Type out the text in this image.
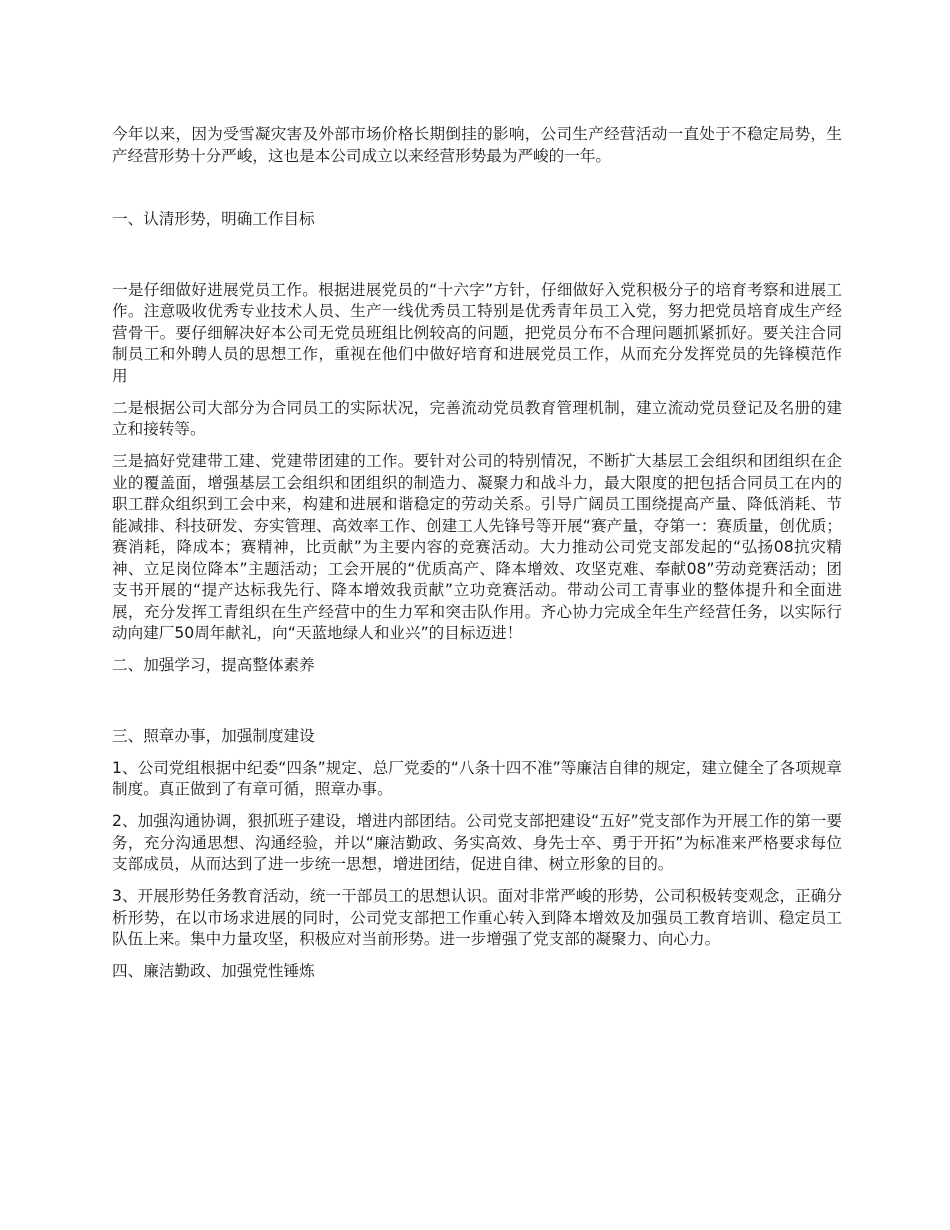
今年以来，因为受雪凝灾害及外部市场价格长期倒挂的影响，公司生产经营活动一直处于不稳定局势，生产经营形势十分严峻，这也是本公司成立以来经营形势最为严峻的一年。

一、认清形势，明确工作目标

一是仔细做好进展党员工作。根据进展党员的“十六字”方针，仔细做好入党积极分子的培育考察和进展工作。注意吸收优秀专业技术人员、生产一线优秀员工特别是优秀青年员工入党，努力把党员培育成生产经营骨干。要仔细解决好本公司无党员班组比例较高的问题，把党员分布不合理问题抓紧抓好。要关注合同制员工和外聘人员的思想工作，重视在他们中做好培育和进展党员工作，从而充分发挥党员的先锋模范作用

二是根据公司大部分为合同员工的实际状况，完善流动党员教育管理机制，建立流动党员登记及名册的建立和接转等。

三是搞好党建带工建、党建带团建的工作。要针对公司的特别情况，不断扩大基层工会组织和团组织在企业的覆盖面，增强基层工会组织和团组织的制造力、凝聚力和战斗力，最大限度的把包括合同员工在内的职工群众组织到工会中来，构建和进展和谐稳定的劳动关系。引导广阔员工围绕提高产量、降低消耗、节能减排、科技研发、夯实管理、高效率工作、创建工人先锋号等开展“赛产量，夺第一：赛质量，创优质；赛消耗，降成本；赛精神，比贡献”为主要内容的竞赛活动。大力推动公司党支部发起的“弘扬08抗灾精神、立足岗位降本”主题活动；工会开展的“优质高产、降本增效、攻坚克难、奉献08”劳动竞赛活动；团支书开展的“提产达标我先行、降本增效我贡献”立功竞赛活动。带动公司工青事业的整体提升和全面进展，充分发挥工青组织在生产经营中的生力军和突击队作用。齐心协力完成全年生产经营任务，以实际行动向建厂50周年献礼，向“天蓝地绿人和业兴”的目标迈进！

二、加强学习，提高整体素养

三、照章办事，加强制度建设

1、公司党组根据中纪委“四条”规定、总厂党委的“八条十四不准”等廉洁自律的规定，建立健全了各项规章制度。真正做到了有章可循，照章办事。

2、加强沟通协调，狠抓班子建设，增进内部团结。公司党支部把建设“五好”党支部作为开展工作的第一要务，充分沟通思想、沟通经验，并以“廉洁勤政、务实高效、身先士卒、勇于开拓”为标准来严格要求每位支部成员，从而达到了进一步统一思想，增进团结，促进自律、树立形象的目的。

3、开展形势任务教育活动，统一干部员工的思想认识。面对非常严峻的形势，公司积极转变观念，正确分析形势，在以市场求进展的同时，公司党支部把工作重心转入到降本增效及加强员工教育培训、稳定员工队伍上来。集中力量攻坚，积极应对当前形势。进一步增强了党支部的凝聚力、向心力。

四、廉洁勤政、加强党性锤炼
